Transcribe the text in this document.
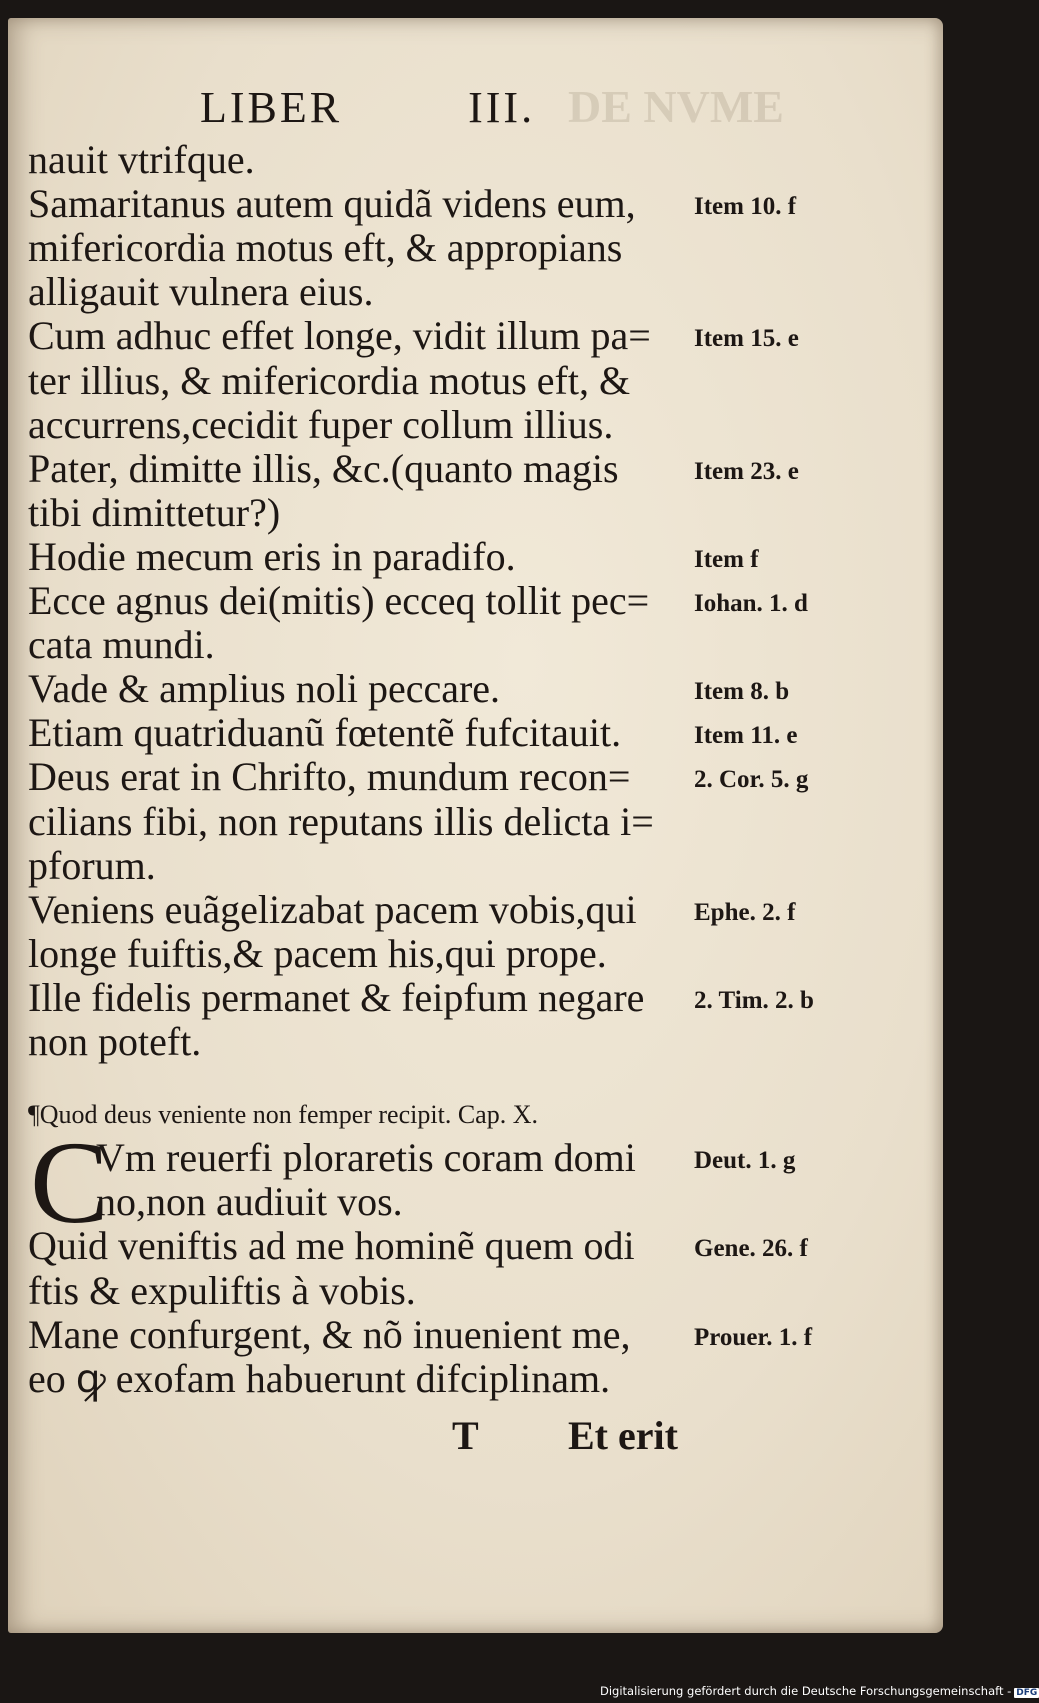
DE NVME
LIBER	III.
nauit vtrifque.
Samaritanus autem quidã videns eum,	Item 10. f
mifericordia motus eft, & appropians
alligauit vulnera eius.
Cum adhuc effet longe, vidit illum pa=	Item 15. e
ter illius, & mifericordia motus eft, &
accurrens,cecidit fuper collum illius.
Pater, dimitte illis, &c.(quanto magis	Item 23. e
tibi dimittetur?)
Hodie mecum eris in paradifo.	Item f
Ecce agnus dei(mitis) ecceq tollit pec=	Iohan. 1. d
cata mundi.
Vade & amplius noli peccare.	Item 8. b
Etiam quatriduanũ fœtentẽ fufcitauit.	Item 11. e
Deus erat in Chrifto, mundum recon=	2. Cor. 5. g
cilians fibi, non reputans illis delicta i=
pforum.
Veniens euãgelizabat pacem vobis,qui	Ephe. 2. f
longe fuiftis,& pacem his,qui prope.
Ille fidelis permanet & feipfum negare	2. Tim. 2. b
non poteft.
¶Quod deus veniente non femper recipit. Cap. X.
C
Vm reuerfi ploraretis coram domi	Deut. 1. g
no,non audiuit vos.
Quid veniftis ad me hominẽ quem odi	Gene. 26. f
ftis & expuliftis à vobis.
Mane confurgent, & nõ inuenient me,	Prouer. 1. f
eo ꝙ exofam habuerunt difciplinam.
T Et erit
Digitalisierung gefördert durch die Deutsche Forschungsgemeinschaft - DFG
